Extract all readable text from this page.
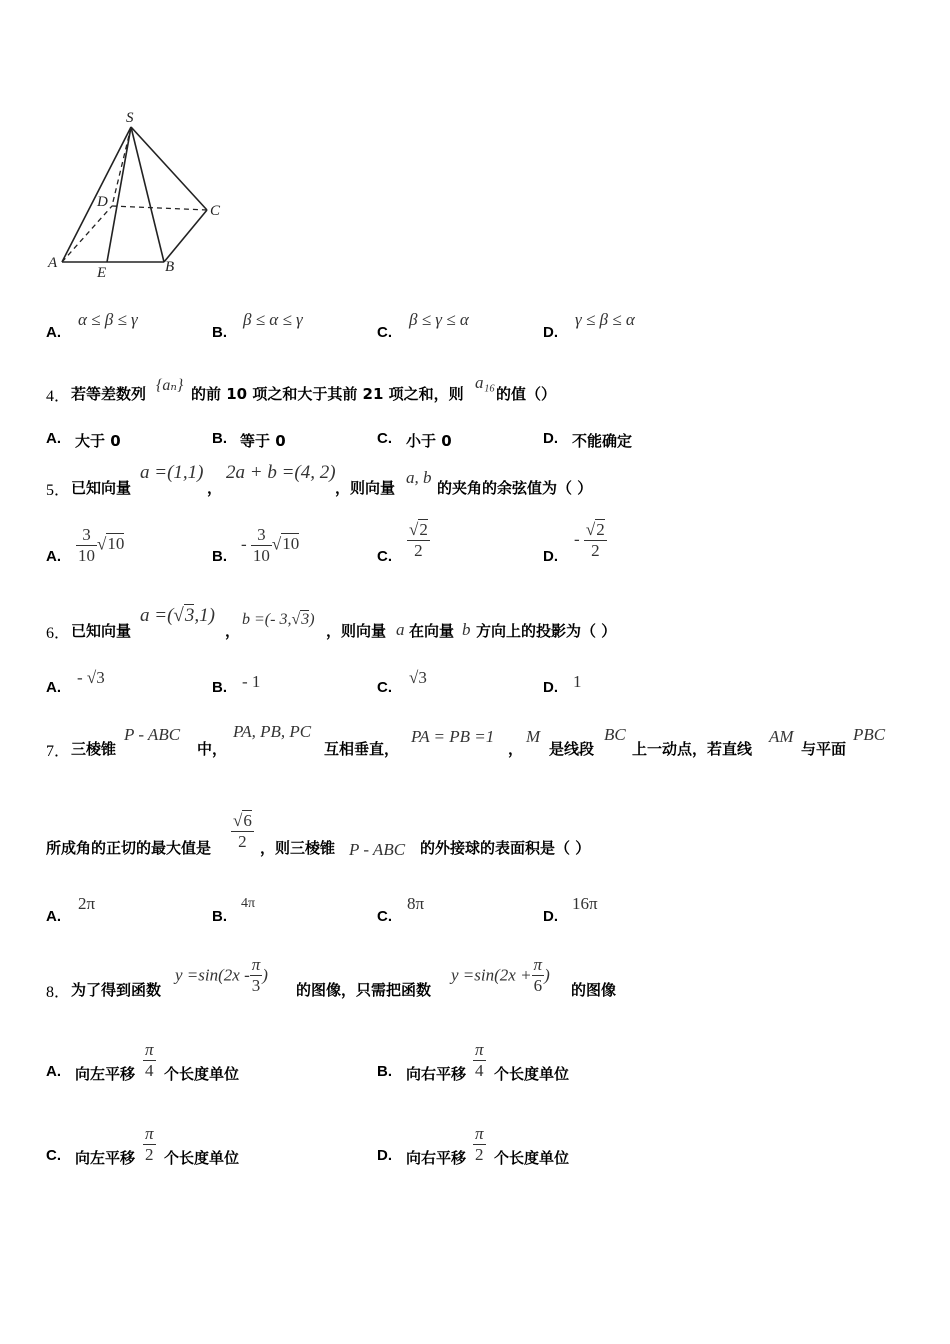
S
D
C
A
E	B
A.
α ≤ β ≤ γ
B.
β ≤ α ≤ γ
C.
β ≤ γ ≤ α
D.
γ ≤ β ≤ α
4． 若等差数列 {aₙ} 的前 10 项之和大于其前 21 项之和，则
a₁₆
的值（）
A. 大于 0	B. 等于 0	C. 小于 0	D. 不能确定
5． 已知向量
a =(1,1)
，
2a + b =(4, 2)
，则向量
a, b
的夹角的余弦值为（ ）
A. $\frac{3}{10} √10$
B.
- $\frac{3}{10} √10$
C. $\frac{√2}{2}$	D.
- $\frac{√2}{2}$
6． 已知向量
a =(√3,1)
，
b =(- 3,√3)
，则向量 a 在向量 b 方向上的投影为（ ）
A.
- √3
B. - 1	C.
√3
D. 1
7． 三棱锥
P - ABC
中，
PA, PB, PC
互相垂直，
PA = PB =1
，
M
是线段
BC
上一动点，若直线
AM
与平面
PBC
所成角的正切的最大值是 $\frac{√6}{2}$ ，则三棱锥 P - ABC 的外接球的表面积是（ ）
A.
2π
B.
4π
C.
8π
D.
16π
8． 为了得到函数
$y =\sin(2x - \frac{\pi}{3}$ )
的图像，只需把函数
$y =\sin(2x + \frac{\pi}{6}$ )
的图像
A. 向左平移 $\frac{\pi}{4}$ 个长度单位	B. 向右平移 $\frac{\pi}{4}$ 个长度单位
C. 向左平移 $\frac{\pi}{2}$ 个长度单位	D. 向右平移 $\frac{\pi}{2}$ 个长度单位
